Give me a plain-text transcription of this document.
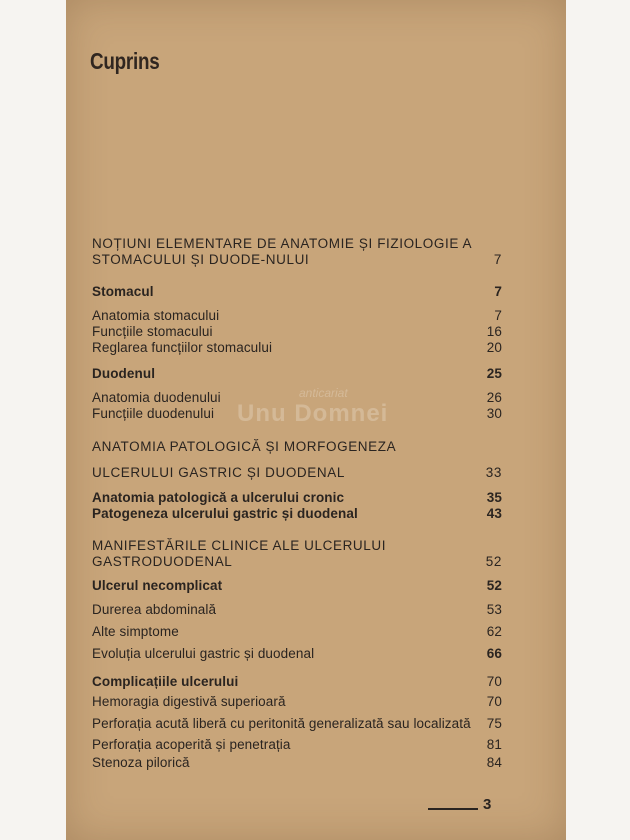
Cuprins
anticariat
Unu Domnei
NOȚIUNI ELEMENTARE DE ANATOMIE ȘI FIZIOLOGIE A STOMACULUI ȘI DUODE-NULUI	7
Stomacul	7
Anatomia stomacului	7
Funcțiile stomacului	16
Reglarea funcțiilor stomacului	20
Duodenul	25
Anatomia duodenului	26
Funcțiile duodenului	30
ANATOMIA PATOLOGICĂ ȘI MORFOGENEZA ULCERULUI GASTRIC ȘI DUODENAL	33
Anatomia patologică a ulcerului cronic	35
Patogeneza ulcerului gastric și duodenal	43
MANIFESTĂRILE CLINICE ALE ULCERULUI GASTRODUODENAL	52
Ulcerul necomplicat	52
Durerea abdominală	53
Alte simptome	62
Evoluția ulcerului gastric și duodenal	66
Complicațiile ulcerului	70
Hemoragia digestivă superioară	70
Perforația acută liberă cu peritonită generalizată sau localizată	75
Perforația acoperită și penetrația	81
Stenoza pilorică	84
3
